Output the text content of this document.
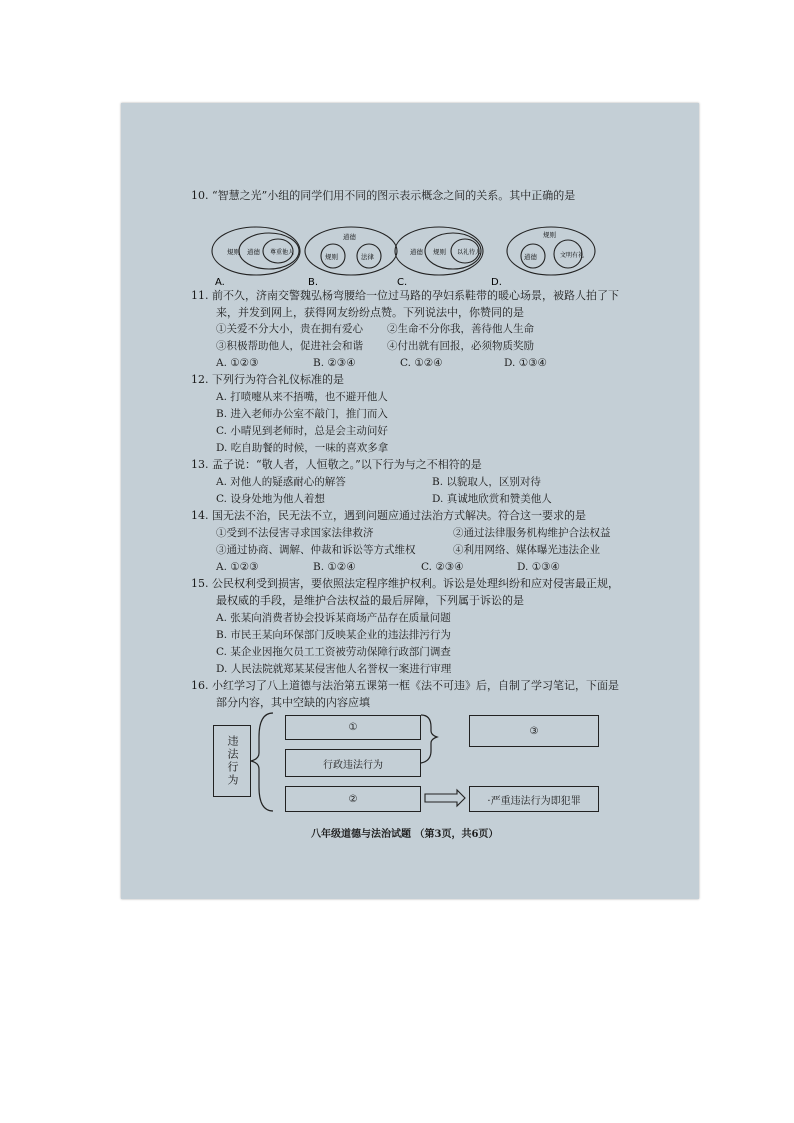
10. “智慧之光”小组的同学们用不同的图示表示概念之间的关系。其中正确的是
規则 道德 尊重他人
A.
道德
规则	法律
B.
道德 规则 以礼待人
C.
规则
道德	文明有礼
D.
11. 前不久，济南交警魏弘杨弯腰给一位过马路的孕妇系鞋带的暖心场景，被路人拍了下
来，并发到网上，获得网友纷纷点赞。下列说法中，你赞同的是
①关爱不分大小，贵在拥有爱心 ②生命不分你我，善待他人生命
③积极帮助他人，促进社会和谐 ④付出就有回报，必须物质奖励
A. ①②③	B. ②③④	C. ①②④	D. ①③④
12. 下列行为符合礼仪标准的是
A. 打喷嚏从来不捂嘴，也不避开他人
B. 进入老师办公室不敲门，推门而入
C. 小晴见到老师时，总是会主动问好
D. 吃自助餐的时候，一味的喜欢多拿
13. 孟子说：“敬人者，人恒敬之。”以下行为与之不相符的是
A. 对他人的疑惑耐心的解答	B. 以貌取人，区别对待
C. 设身处地为他人着想	D. 真诚地欣赏和赞美他人
14. 国无法不治，民无法不立，遇到问题应通过法治方式解决。符合这一要求的是
①受到不法侵害寻求国家法律救济	②通过法律服务机构维护合法权益
③通过协商、调解、仲裁和诉讼等方式维权	④利用网络、媒体曝光违法企业
A. ①②③	B. ①②④	C. ②③④	D. ①③④
15. 公民权利受到损害，要依照法定程序维护权利。诉讼是处理纠纷和应对侵害最正规，
最权威的手段，是维护合法权益的最后屏障，下列属于诉讼的是
A. 张某向消费者协会投诉某商场产品存在质量问题
B. 市民王某向环保部门反映某企业的违法排污行为
C. 某企业因拖欠员工工资被劳动保障行政部门调查
D. 人民法院就郑某某侵害他人名誉权一案进行审理
16. 小红学习了八上道德与法治第五课第一框《法不可违》后，自制了学习笔记，下面是
部分内容，其中空缺的内容应填
违法行为
①
行政违法行为
②
③
·严重违法行为即犯罪
八年级道德与法治试题 （第3页，共6页）
